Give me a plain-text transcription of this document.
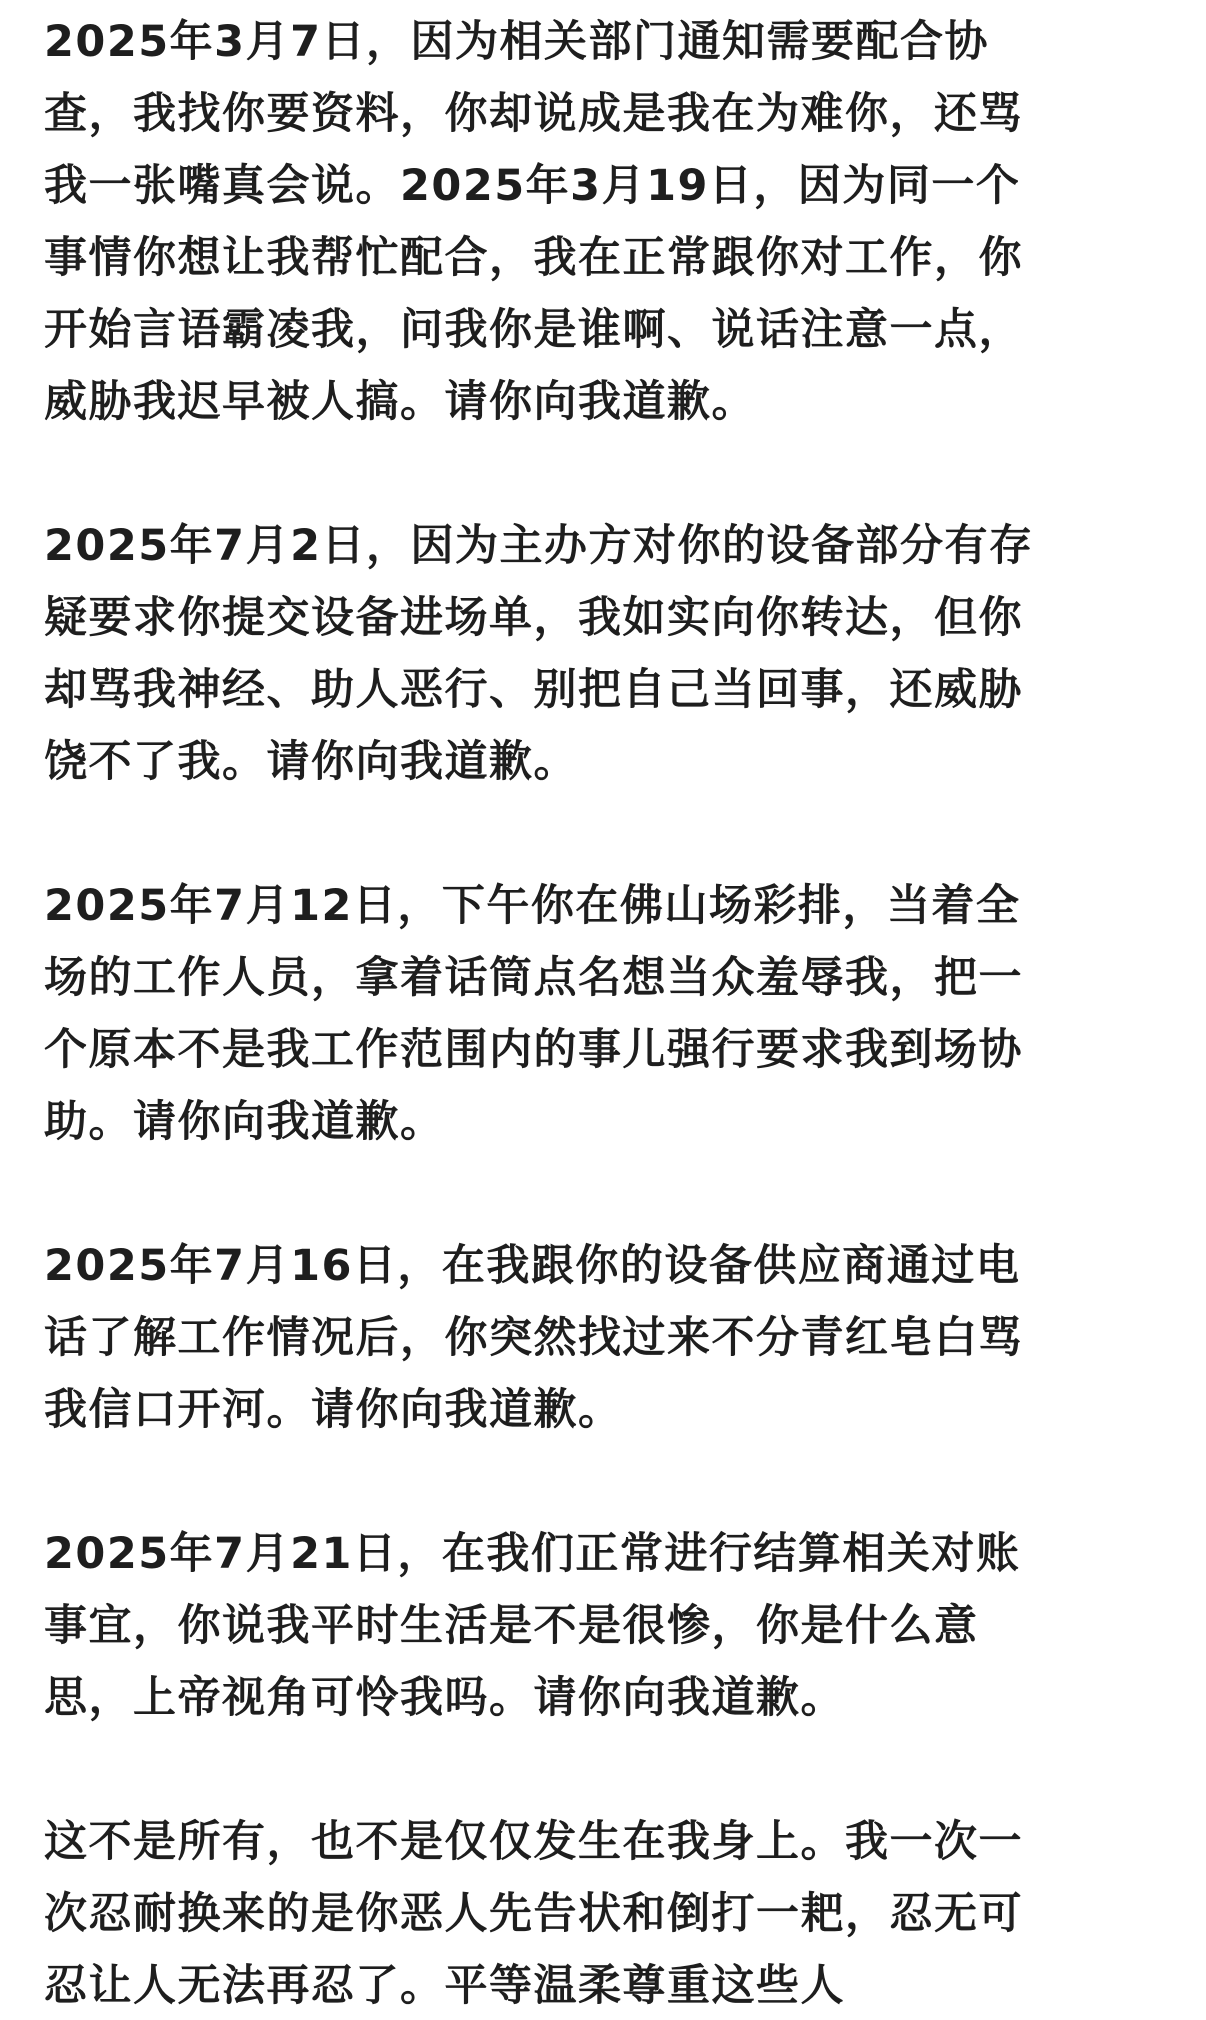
2025年3月7日，因为相关部门通知需要配合协
查，我找你要资料，你却说成是我在为难你，还骂
我一张嘴真会说。2025年3月19日，因为同一个
事情你想让我帮忙配合，我在正常跟你对工作，你
开始言语霸凌我，问我你是谁啊、说话注意一点，
威胁我迟早被人搞。请你向我道歉。

2025年7月2日，因为主办方对你的设备部分有存
疑要求你提交设备进场单，我如实向你转达，但你
却骂我神经、助人恶行、别把自己当回事，还威胁
饶不了我。请你向我道歉。

2025年7月12日，下午你在佛山场彩排，当着全
场的工作人员，拿着话筒点名想当众羞辱我，把一
个原本不是我工作范围内的事儿强行要求我到场协
助。请你向我道歉。

2025年7月16日，在我跟你的设备供应商通过电
话了解工作情况后，你突然找过来不分青红皂白骂
我信口开河。请你向我道歉。

2025年7月21日，在我们正常进行结算相关对账
事宜，你说我平时生活是不是很惨，你是什么意
思，上帝视角可怜我吗。请你向我道歉。

这不是所有，也不是仅仅发生在我身上。我一次一
次忍耐换来的是你恶人先告状和倒打一耙，忍无可
忍让人无法再忍了。平等温柔尊重这些人
